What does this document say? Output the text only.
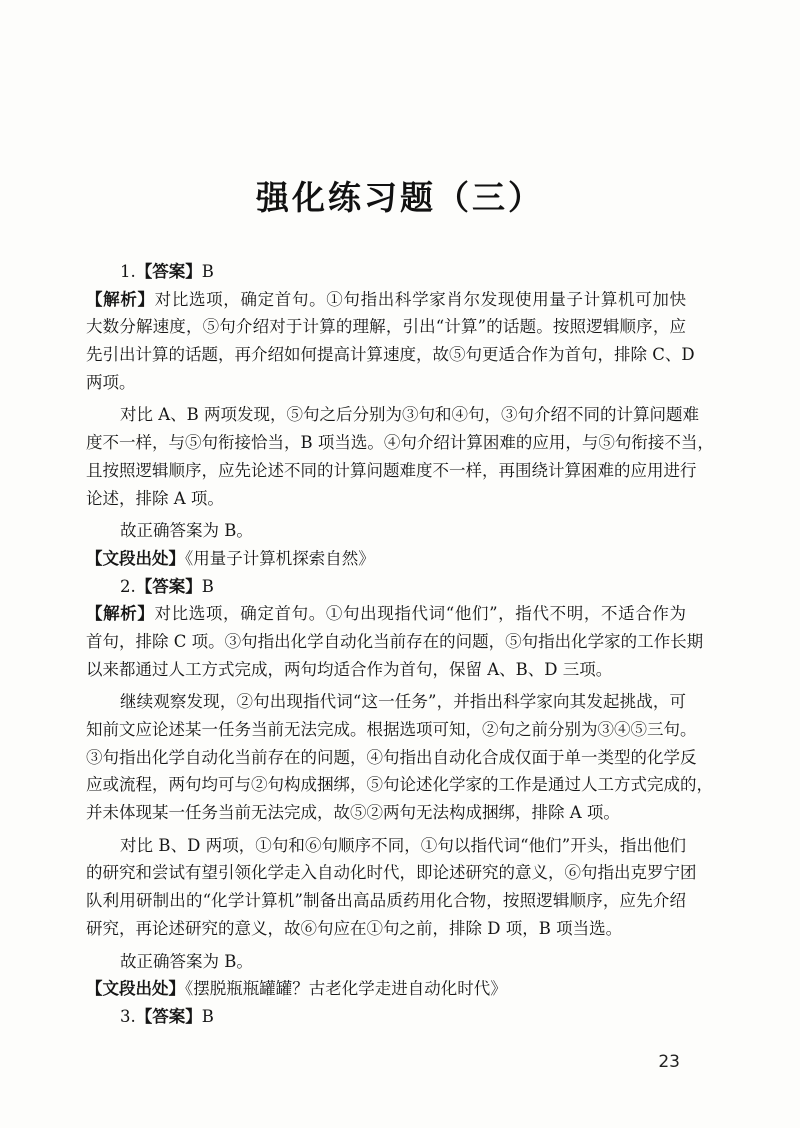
强化练习题（三）
1.【答案】B
【解析】对比选项，确定首句。①句指出科学家肖尔发现使用量子计算机可加快
大数分解速度，⑤句介绍对于计算的理解，引出“计算”的话题。按照逻辑顺序，应
先引出计算的话题，再介绍如何提高计算速度，故⑤句更适合作为首句，排除 C、D
两项。
对比 A、B 两项发现，⑤句之后分别为③句和④句，③句介绍不同的计算问题难
度不一样，与⑤句衔接恰当，B 项当选。④句介绍计算困难的应用，与⑤句衔接不当，
且按照逻辑顺序，应先论述不同的计算问题难度不一样，再围绕计算困难的应用进行
论述，排除 A 项。
故正确答案为 B。
【文段出处】《用量子计算机探索自然》
2.【答案】B
【解析】对比选项，确定首句。①句出现指代词“他们”，指代不明，不适合作为
首句，排除 C 项。③句指出化学自动化当前存在的问题，⑤句指出化学家的工作长期
以来都通过人工方式完成，两句均适合作为首句，保留 A、B、D 三项。
继续观察发现，②句出现指代词“这一任务”，并指出科学家向其发起挑战，可
知前文应论述某一任务当前无法完成。根据选项可知，②句之前分别为③④⑤三句。
③句指出化学自动化当前存在的问题，④句指出自动化合成仅面于单一类型的化学反
应或流程，两句均可与②句构成捆绑，⑤句论述化学家的工作是通过人工方式完成的，
并未体现某一任务当前无法完成，故⑤②两句无法构成捆绑，排除 A 项。
对比 B、D 两项，①句和⑥句顺序不同，①句以指代词“他们”开头，指出他们
的研究和尝试有望引领化学走入自动化时代，即论述研究的意义，⑥句指出克罗宁团
队利用研制出的“化学计算机”制备出高品质药用化合物，按照逻辑顺序，应先介绍
研究，再论述研究的意义，故⑥句应在①句之前，排除 D 项，B 项当选。
故正确答案为 B。
【文段出处】《摆脱瓶瓶罐罐？古老化学走进自动化时代》
3.【答案】B
23
